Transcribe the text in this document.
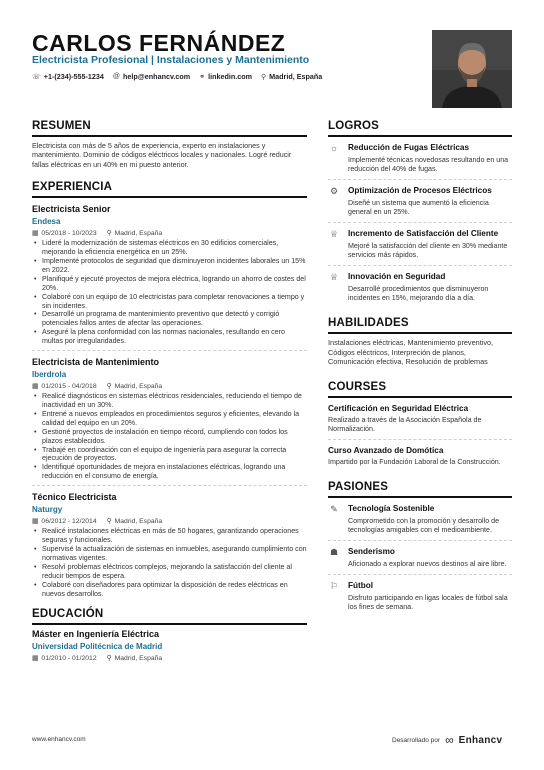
CARLOS FERNÁNDEZ
Electricista Profesional | Instalaciones y Mantenimiento
☏ +1-(234)-555-1234 @ help@enhancv.com ⚭ linkedin.com ⚲ Madrid, España
RESUMEN
Electricista con más de 5 años de experiencia, experto en instalaciones y mantenimiento. Dominio de códigos eléctricos locales y nacionales. Logré reducir fallas eléctricas en un 40% en mi puesto anterior.
EXPERIENCIA
Electricista Senior
Endesa
▦ 05/2018 - 10/2023 ⚲ Madrid, España
• Lideré la modernización de sistemas eléctricos en 30 edificios comerciales, mejorando la eficiencia energética en un 25%.
• Implementé protocolos de seguridad que disminuyeron incidentes laborales un 15% en 2022.
• Planifiqué y ejecuté proyectos de mejora eléctrica, logrando un ahorro de costes del 20%.
• Colaboré con un equipo de 10 electricistas para completar renovaciones a tiempo y sin incidentes.
• Desarrollé un programa de mantenimiento preventivo que detectó y corrigió potenciales fallos antes de afectar las operaciones.
• Aseguré la plena conformidad con las normas nacionales, resultando en cero multas por irregularidades.
Electricista de Mantenimiento
Iberdrola
▦ 01/2015 - 04/2018 ⚲ Madrid, España
• Realicé diagnósticos en sistemas eléctricos residenciales, reduciendo el tiempo de inactividad en un 30%.
• Entrené a nuevos empleados en procedimientos seguros y eficientes, elevando la calidad del equipo en un 20%.
• Gestioné proyectos de instalación en tiempo récord, cumpliendo con todos los plazos establecidos.
• Trabajé en coordinación con el equipo de ingeniería para asegurar la correcta ejecución de proyectos.
• Identifiqué oportunidades de mejora en instalaciones eléctricas, logrando una reducción en el consumo de energía.
Técnico Electricista
Naturgy
▦ 06/2012 - 12/2014 ⚲ Madrid, España
• Realicé instalaciones eléctricas en más de 50 hogares, garantizando operaciones seguras y funcionales.
• Supervisé la actualización de sistemas en inmuebles, asegurando cumplimiento con normativas vigentes.
• Resolví problemas eléctricos complejos, mejorando la satisfacción del cliente al reducir tiempos de espera.
• Colaboré con diseñadores para optimizar la disposición de redes eléctricas en nuevos desarrollos.
EDUCACIÓN
Máster en Ingeniería Eléctrica
Universidad Politécnica de Madrid
▦ 01/2010 - 01/2012 ⚲ Madrid, España
LOGROS
☼ Reducción de Fugas Eléctricas
Implementé técnicas novedosas resultando en una reducción del 40% de fugas.
⚙ Optimización de Procesos Eléctricos
Diseñé un sistema que aumentó la eficiencia general en un 25%.
♕ Incremento de Satisfacción del Cliente
Mejoré la satisfacción del cliente en 30% mediante servicios más rápidos.
♕ Innovación en Seguridad
Desarrollé procedimientos que disminuyeron incidentes en 15%, mejorando día a día.
HABILIDADES
Instalaciones eléctricas, Mantenimiento preventivo, Códigos eléctricos, Interpreción de planos, Comunicación efectiva, Resolución de problemas
COURSES
Certificación en Seguridad Eléctrica
Realizado a través de la Asociación Española de Normalización.
Curso Avanzado de Domótica
Impartido por la Fundación Laboral de la Construcción.
PASIONES
✎ Tecnología Sostenible
Comprometido con la promoción y desarrollo de tecnologías amigables con el medioambiente.
☗ Senderismo
Aficionado a explorar nuevos destinos al aire libre.
⚐ Fútbol
Disfruto participando en ligas locales de fútbol sala los fines de semana.
www.enhancv.com	Desarrollado por ∞ Enhancv
